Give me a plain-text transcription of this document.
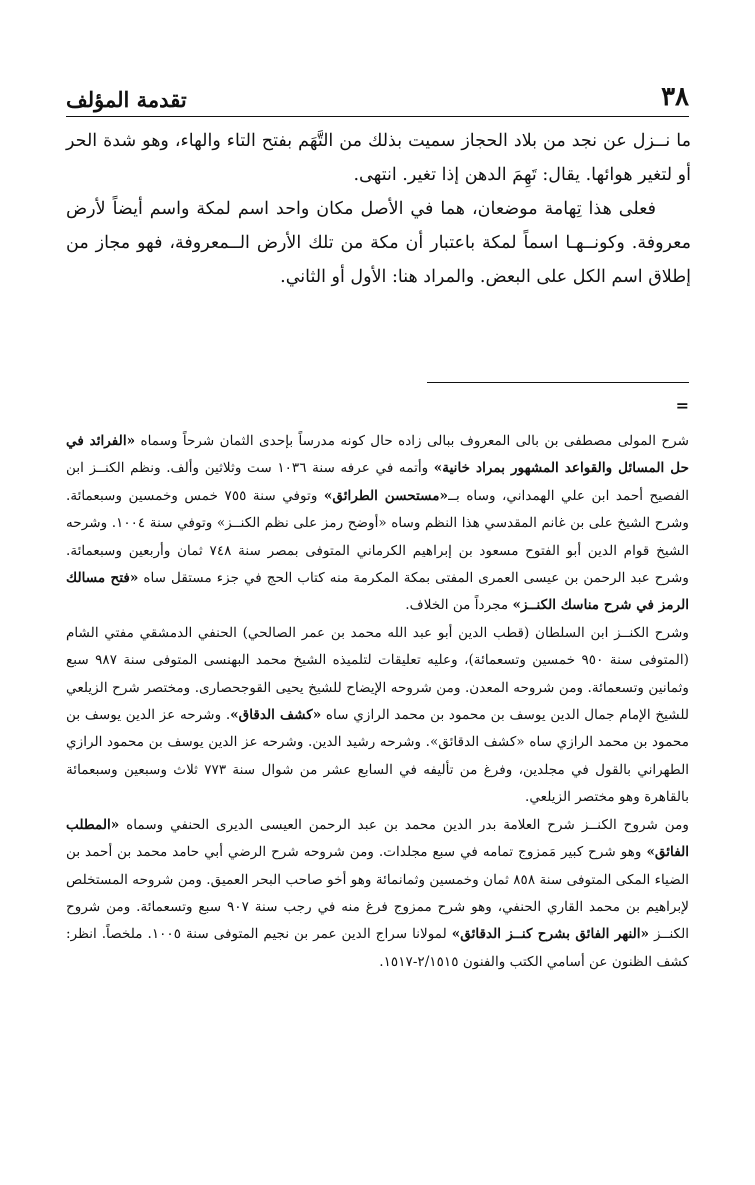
٣٨
تقدمة المؤلف

ما نــزل عن نجد من بلاد الحجاز سميت بذلك من التَّهَم بفتح التاء والهاء، وهو شدة الحر أو لتغير هوائها. يقال: تَهِمَ الدهن إذا تغير. انتهى.

فعلى هذا تِهامة موضعان، هما في الأصل مكان واحد اسم لمكة واسم أيضاً لأرض معروفة. وكونــهـا اسماً لمكة باعتبار أن مكة من تلك الأرض الــمعروفة، فهو مجاز من إطلاق اسم الكل على البعض. والمراد هنا: الأول أو الثاني.

=

شرح المولى مصطفى بن بالى المعروف ببالى زاده حال كونه مدرساً بإحدى الثمان شرحاً وسماه «الفرائد في حل المسائل والقواعد المشهور بمراد خانية» وأتمه في عرفه سنة ١٠٣٦ ست وثلاثين وألف. ونظم الكنــز ابن الفصيح أحمد ابن علي الهمداني، وساه بــ«مستحسن الطرائق» وتوفي سنة ٧٥٥ خمس وخمسين وسبعمائة. وشرح الشيخ على بن غانم المقدسي هذا النظم وساه «أوضح رمز على نظم الكنــز» وتوفي سنة ١٠٠٤. وشرحه الشيخ قوام الدين أبو الفتوح مسعود بن إبراهيم الكرماني المتوفى بمصر سنة ٧٤٨ ثمان وأربعين وسبعمائة. وشرح عبد الرحمن بن عيسى العمرى المفتى بمكة المكرمة منه كتاب الحج في جزء مستقل ساه «فتح مسالك الرمز في شرح مناسك الكنــز» مجرداً من الخلاف.

وشرح الكنــز ابن السلطان (قطب الدين أبو عبد الله محمد بن عمر الصالحي) الحنفي الدمشقي مفتي الشام (المتوفى سنة ٩٥٠ خمسين وتسعمائة)، وعليه تعليقات لتلميذه الشيخ محمد البهنسى المتوفى سنة ٩٨٧ سبع وثمانين وتسعمائة. ومن شروحه المعدن. ومن شروحه الإيضاح للشيخ يحيى القوجحصارى. ومختصر شرح الزيلعي للشيخ الإمام جمال الدين يوسف بن محمود بن محمد الرازي ساه «كشف الدقاق». وشرحه عز الدين يوسف بن محمود بن محمد الرازي ساه «كشف الدقائق». وشرحه رشيد الدين. وشرحه عز الدين يوسف بن محمود الرازي الطهراني بالقول في مجلدين، وفرغ من تأليفه في السابع عشر من شوال سنة ٧٧٣ ثلاث وسبعين وسبعمائة بالقاهرة وهو مختصر الزيلعي.

ومن شروح الكنــز شرح العلامة بدر الدين محمد بن عبد الرحمن العيسى الديرى الحنفي وسماه «المطلب الفائق» وهو شرح كبير مَمزوج تمامه في سبع مجلدات. ومن شروحه شرح الرضي أبي حامد محمد بن أحمد بن الضياء المكى المتوفى سنة ٨٥٨ ثمان وخمسين وثمانمائة وهو أخو صاحب البحر العميق. ومن شروحه المستخلص لإبراهيم بن محمد القاري الحنفي، وهو شرح ممزوج فرغ منه في رجب سنة ٩٠٧ سبع وتسعمائة. ومن شروح الكنــز «النهر الفائق بشرح كنــز الدقائق» لمولانا سراج الدين عمر بن نجيم المتوفى سنة ١٠٠٥. ملخصاً. انظر: كشف الظنون عن أسامي الكتب والفنون ٢/١٥١٥-١٥١٧.
